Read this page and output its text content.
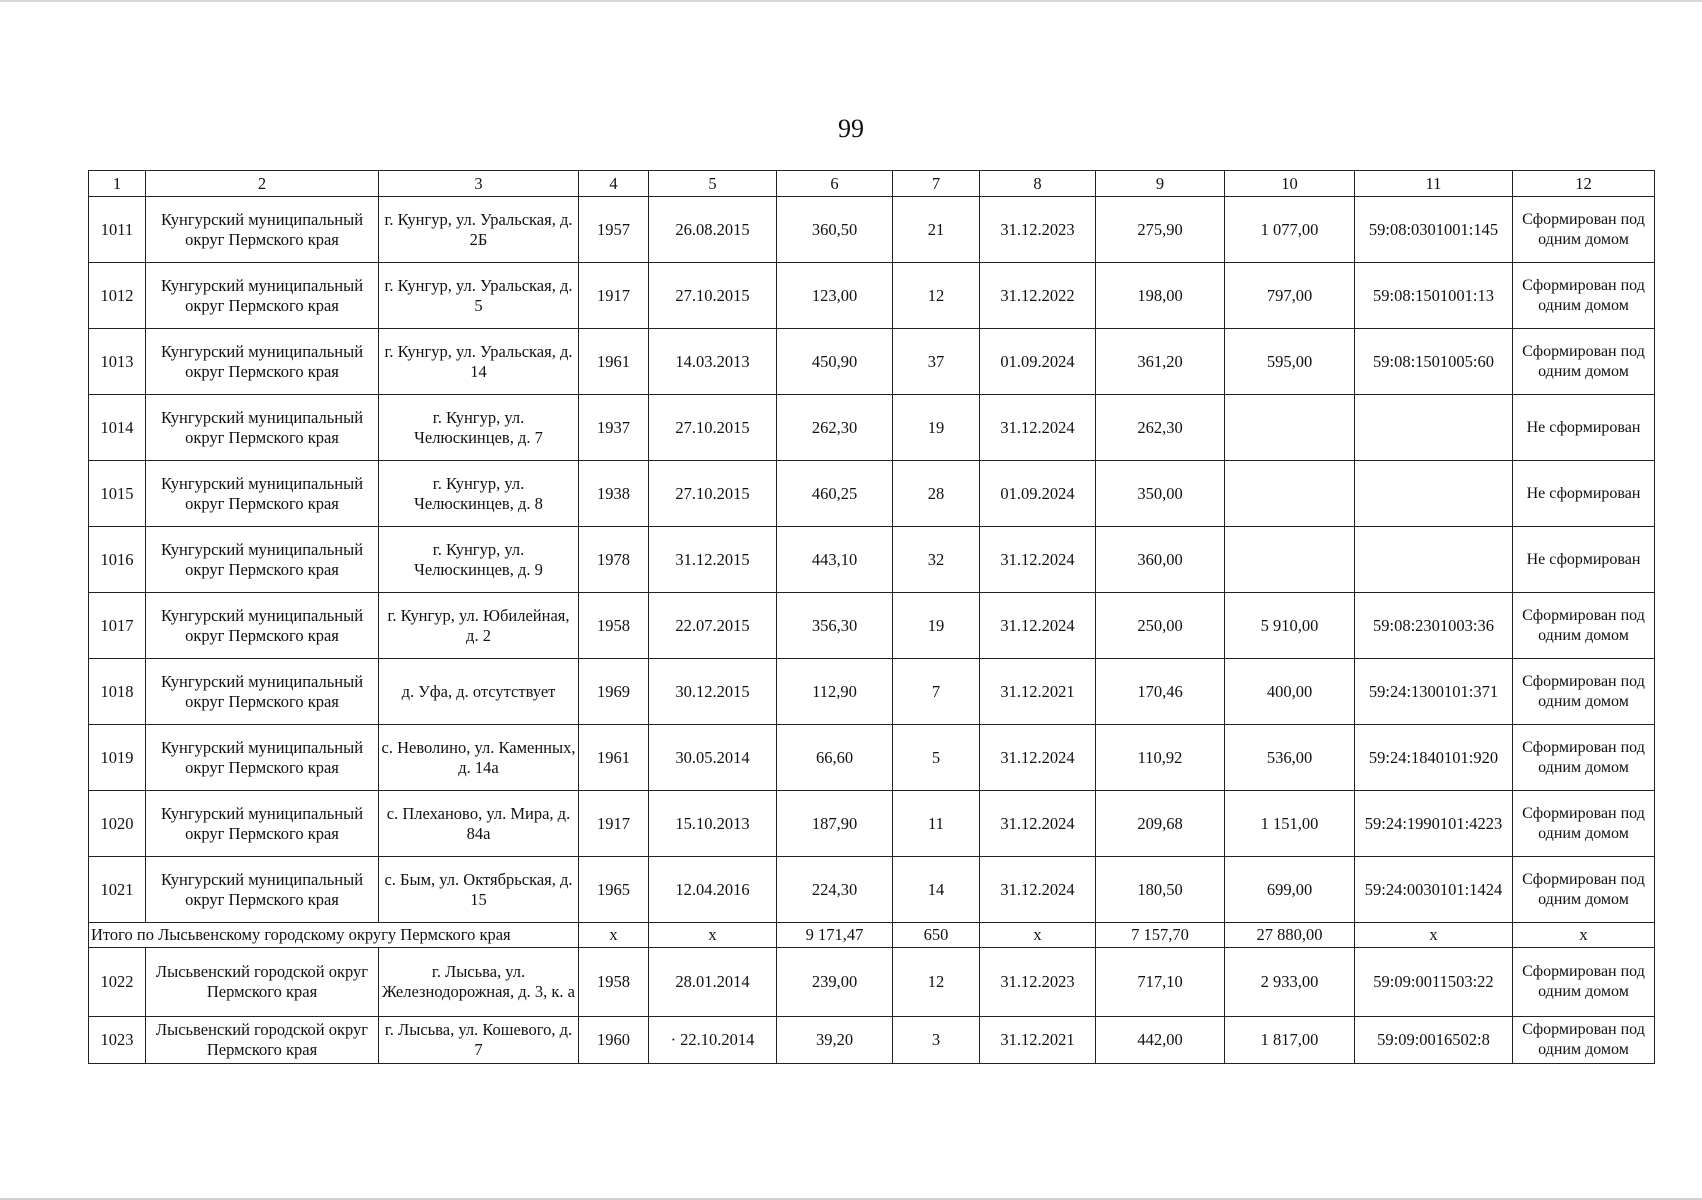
99
1	2	3	4	5	6	7	8	9	10	11	12
1011	Кунгурский муниципальный округ Пермского края	г. Кунгур, ул. Уральская, д. 2Б	1957	26.08.2015	360,50	21	31.12.2023	275,90	1 077,00	59:08:0301001:145	Сформирован под одним домом
1012	Кунгурский муниципальный округ Пермского края	г. Кунгур, ул. Уральская, д. 5	1917	27.10.2015	123,00	12	31.12.2022	198,00	797,00	59:08:1501001:13	Сформирован под одним домом
1013	Кунгурский муниципальный округ Пермского края	г. Кунгур, ул. Уральская, д. 14	1961	14.03.2013	450,90	37	01.09.2024	361,20	595,00	59:08:1501005:60	Сформирован под одним домом
1014	Кунгурский муниципальный округ Пермского края	г. Кунгур, ул. Челюскинцев, д. 7	1937	27.10.2015	262,30	19	31.12.2024	262,30			Не сформирован
1015	Кунгурский муниципальный округ Пермского края	г. Кунгур, ул. Челюскинцев, д. 8	1938	27.10.2015	460,25	28	01.09.2024	350,00			Не сформирован
1016	Кунгурский муниципальный округ Пермского края	г. Кунгур, ул. Челюскинцев, д. 9	1978	31.12.2015	443,10	32	31.12.2024	360,00			Не сформирован
1017	Кунгурский муниципальный округ Пермского края	г. Кунгур, ул. Юбилейная, д. 2	1958	22.07.2015	356,30	19	31.12.2024	250,00	5 910,00	59:08:2301003:36	Сформирован под одним домом
1018	Кунгурский муниципальный округ Пермского края	д. Уфа, д. отсутствует	1969	30.12.2015	112,90	7	31.12.2021	170,46	400,00	59:24:1300101:371	Сформирован под одним домом
1019	Кунгурский муниципальный округ Пермского края	с. Неволино, ул. Каменных, д. 14а	1961	30.05.2014	66,60	5	31.12.2024	110,92	536,00	59:24:1840101:920	Сформирован под одним домом
1020	Кунгурский муниципальный округ Пермского края	с. Плехановo, ул. Мира, д. 84а	1917	15.10.2013	187,90	11	31.12.2024	209,68	1 151,00	59:24:1990101:4223	Сформирован под одним домом
1021	Кунгурский муниципальный округ Пермского края	с. Бым, ул. Октябрьская, д. 15	1965	12.04.2016	224,30	14	31.12.2024	180,50	699,00	59:24:0030101:1424	Сформирован под одним домом
Итого по Лысьвенскому городскому округу Пермского края			х	х	9 171,47	650	х	7 157,70	27 880,00	х	х
1022	Лысьвенский городской округ Пермского края	г. Лысьва, ул. Железнодорожная, д. 3, к. а	1958	28.01.2014	239,00	12	31.12.2023	717,10	2 933,00	59:09:0011503:22	Сформирован под одним домом
1023	Лысьвенский городской округ Пермского края	г. Лысьва, ул. Кошевого, д. 7	1960	· 22.10.2014	39,20	3	31.12.2021	442,00	1 817,00	59:09:0016502:8	Сформирован под одним домом
